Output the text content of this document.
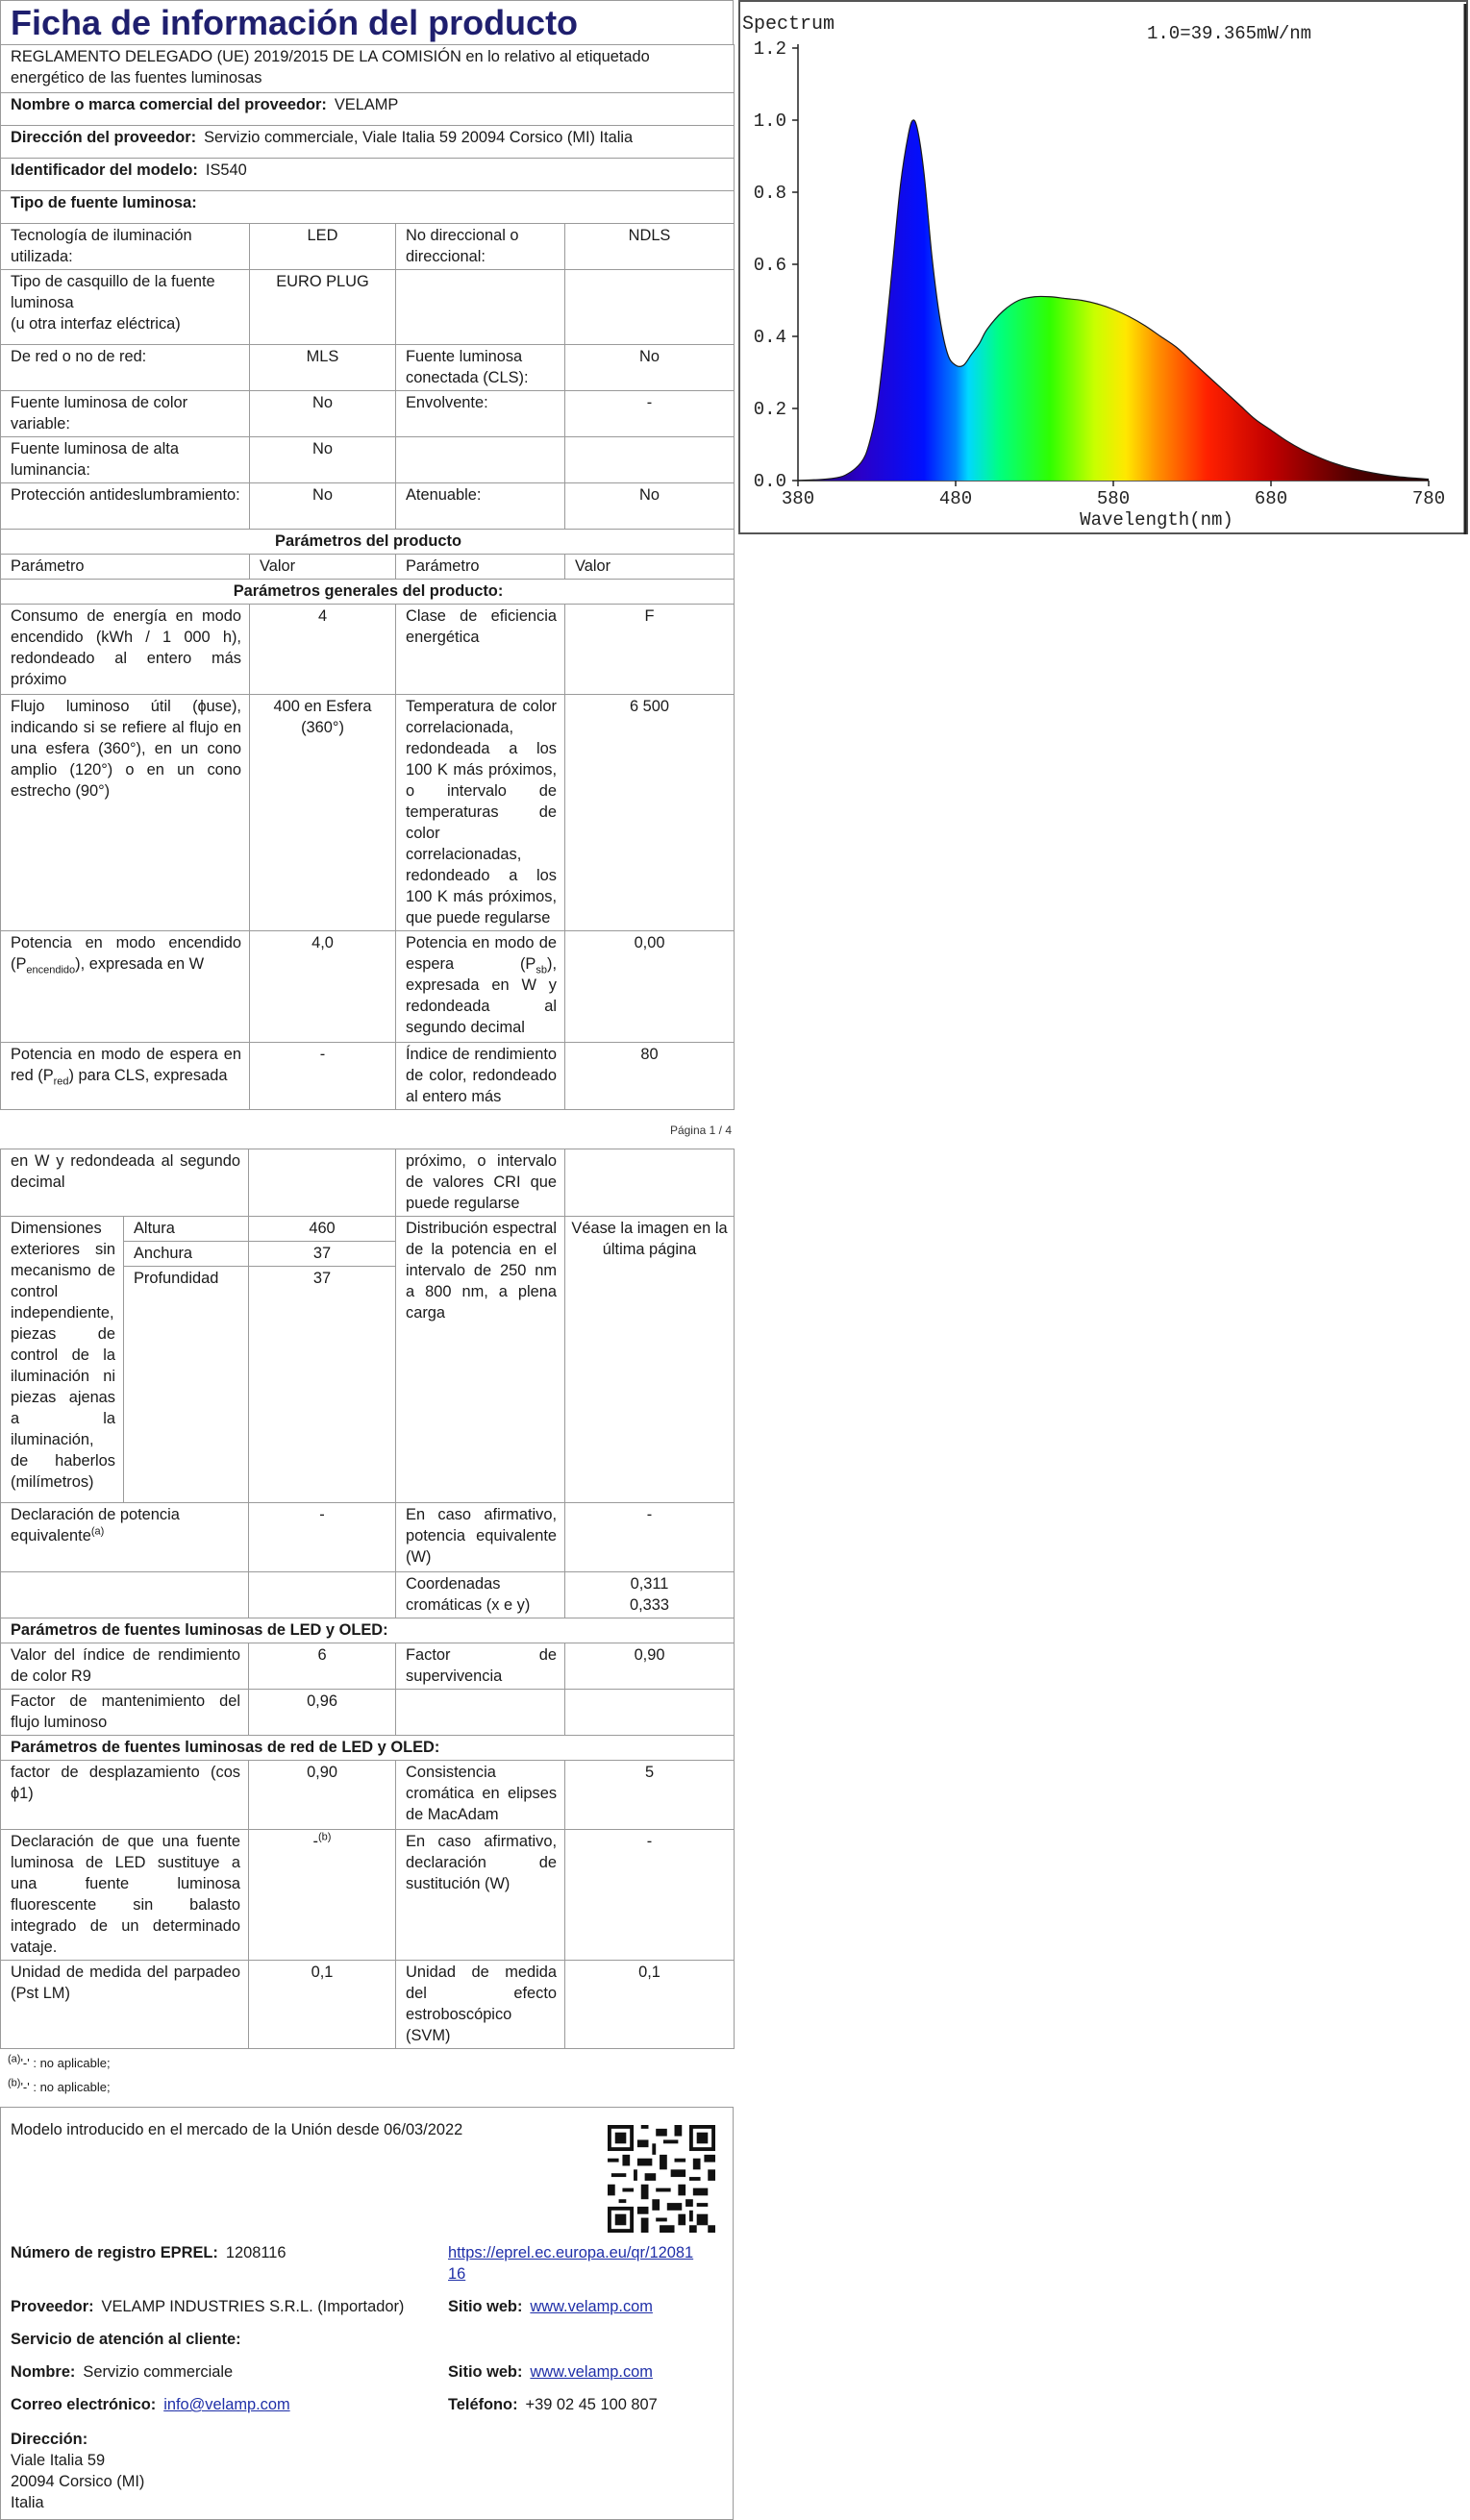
Ficha de información del producto
REGLAMENTO DELEGADO (UE) 2019/2015 DE LA COMISIÓN en lo relativo al etiquetado energético de las fuentes luminosas			
Nombre o marca comercial del proveedor: VELAMP			
Dirección del proveedor: Servizio commerciale, Viale Italia 59 20094 Corsico (MI) Italia			
Identificador del modelo: IS540			
Tipo de fuente luminosa:			
Tecnología de iluminación utilizada:	LED	No direccional o direccional:	NDLS

Tipo de casquillo de la fuente luminosa
(u otra interfaz eléctrica)	EURO PLUG		
De red o no de red:	MLS	Fuente luminosa conectada (CLS):	No
Fuente luminosa de color variable:	No	Envolvente:	-
Fuente luminosa de alta luminancia:	No		
Protección antideslumbramiento:	No	Atenuable:	No
Parámetros del producto			
Parámetro	Valor	Parámetro	Valor
Parámetros generales del producto:			
Consumo de energía en modo encendido (kWh / 1 000 h), redondeado al entero más próximo	4	Clase de eficiencia energética	F
Flujo luminoso útil (ɸuse), indicando si se refiere al flujo en una esfera (360°), en un cono amplio (120°) o en un cono estrecho (90°)	400 en Esfera (360°)	Temperatura de color correlacionada, redondeada a los 100 K más próximos, o intervalo de temperaturas de color correlacionadas, redondeado a los 100 K más próximos, que puede regularse	6 500
Potencia en modo encendido $(P_{encendido})$, expresada en W	4,0	Potencia en modo de espera $(P_{sb})$, expresada en W y redondeada al segundo decimal	0,00
Potencia en modo de espera en red $(P_{red})$ para CLS, expresada	-	Índice de rendimiento de color, redondeado al entero más	80
Página 1 / 4
en W y redondeada al segundo decimal			próximo, o intervalo de valores CRI que puede regularse	
Dimensiones exteriores sin mecanismo de control independiente, piezas de control de la iluminación ni piezas ajenas a la iluminación, de haberlos (milímetros)	Altura	460	Distribución espectral de la potencia en el intervalo de 250 nm a 800 nm, a plena carga	Véase la imagen en la última página
	Anchura	37		
	Profundidad	37		
Declaración de potencia equivalente$^{(a)}$		-	En caso afirmativo, potencia equivalente (W)	-
			Coordenadas cromáticas (x e y)	0,311
0,333

Parámetros de fuentes luminosas de LED y OLED:				
Valor del índice de rendimiento de color R9		6	Factor de supervivencia	0,90
Factor de mantenimiento del flujo luminoso		0,96		
Parámetros de fuentes luminosas de red de LED y OLED:				
factor de desplazamiento (cos ϕ1)		0,90	Consistencia cromática en elipses de MacAdam	5
Declaración de que una fuente luminosa de LED sustituye a una fuente luminosa fluorescente sin balasto integrado de un determinado vataje.		-$^{(b)}$	En caso afirmativo, declaración de sustitución (W)	-
Unidad de medida del parpadeo (Pst LM)		0,1	Unidad de medida del efecto estroboscópico (SVM)	0,1
$^{(a)}$'-' : no aplicable;
$^{(b)}$'-' : no aplicable;
Modelo introducido en el mercado de la Unión desde 06/03/2022
Número de registro EPREL: 1208116	https://eprel.ec.europa.eu/qr/1208116
Proveedor: VELAMP INDUSTRIES S.R.L. (Importador)	Sitio web: www.velamp.com
Servicio de atención al cliente:
Nombre: Servizio commerciale	Sitio web: www.velamp.com
Correo electrónico: info@velamp.com	Teléfono: +39 02 45 100 807
Dirección:
Viale Italia 59
20094 Corsico (MI)
Italia
Spectrum	1.0=39.365mW/nm
0.0
0.2
0.4
0.6
0.8
1.0
1.2
380	480	580	680	780
Wavelength(nm)
